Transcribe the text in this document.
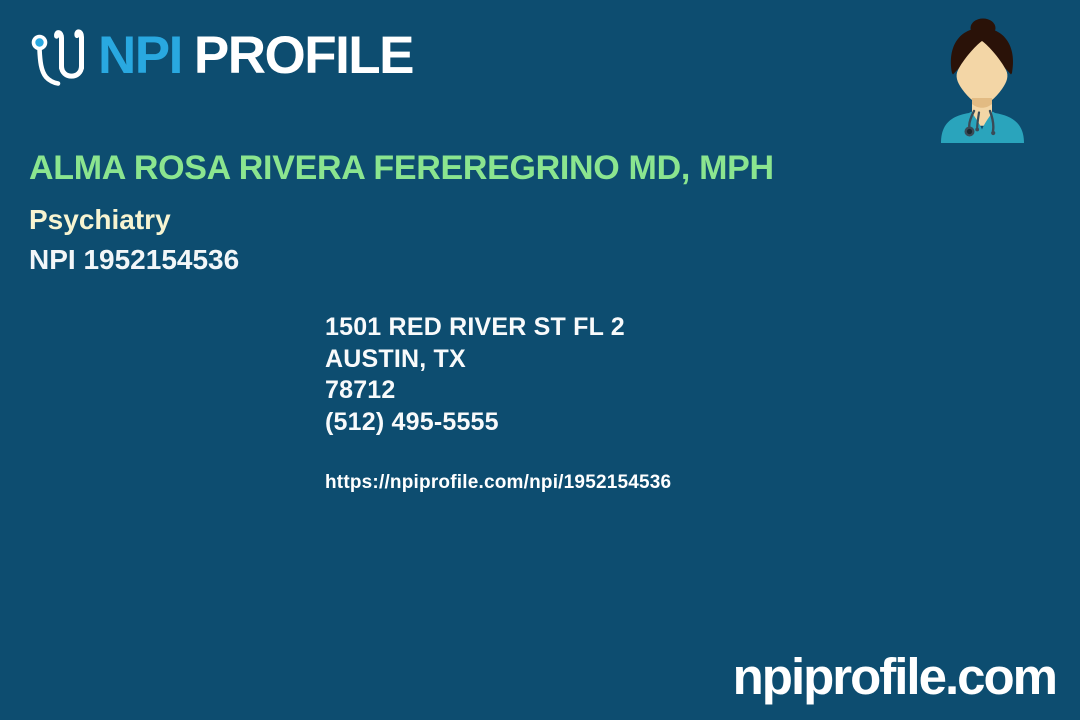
NPI PROFILE
ALMA ROSA RIVERA FEREREGRINO MD, MPH
Psychiatry
NPI 1952154536
1501 RED RIVER ST FL 2
AUSTIN, TX
78712
(512) 495-5555
https://npiprofile.com/npi/1952154536
npiprofile.com
